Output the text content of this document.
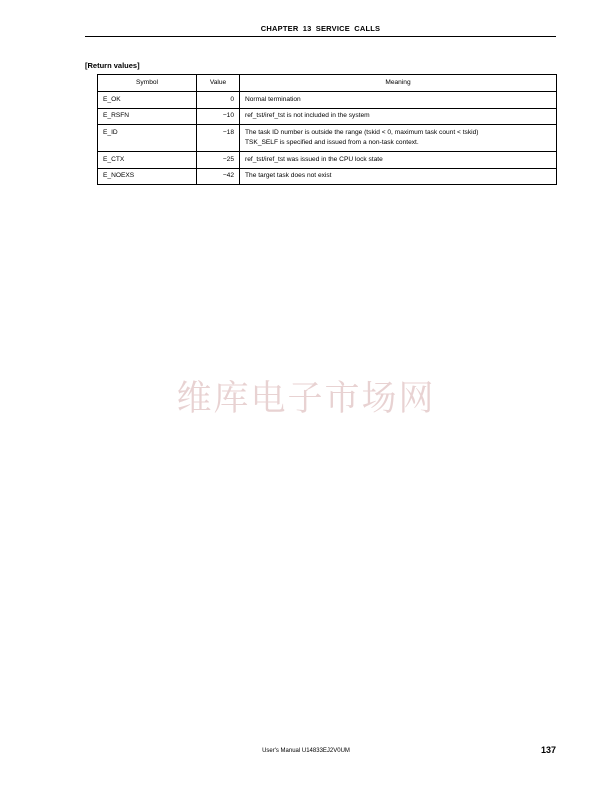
CHAPTER 13 SERVICE CALLS
[Return values]
Symbol	Value	Meaning
E_OK	0	Normal termination

E_RSFN	−10	ref_tst/iref_tst is not included in the system

E_ID	−18	The task ID number is outside the range (tskid < 0, maximum task count < tskid)
TSK_SELF is specified and issued from a non-task context.

E_CTX	−25	ref_tst/iref_tst was issued in the CPU lock state

E_NOEXS	−42	The target task does not exist
维库电子市场网
User's Manual U14833EJ2V0UM	137
